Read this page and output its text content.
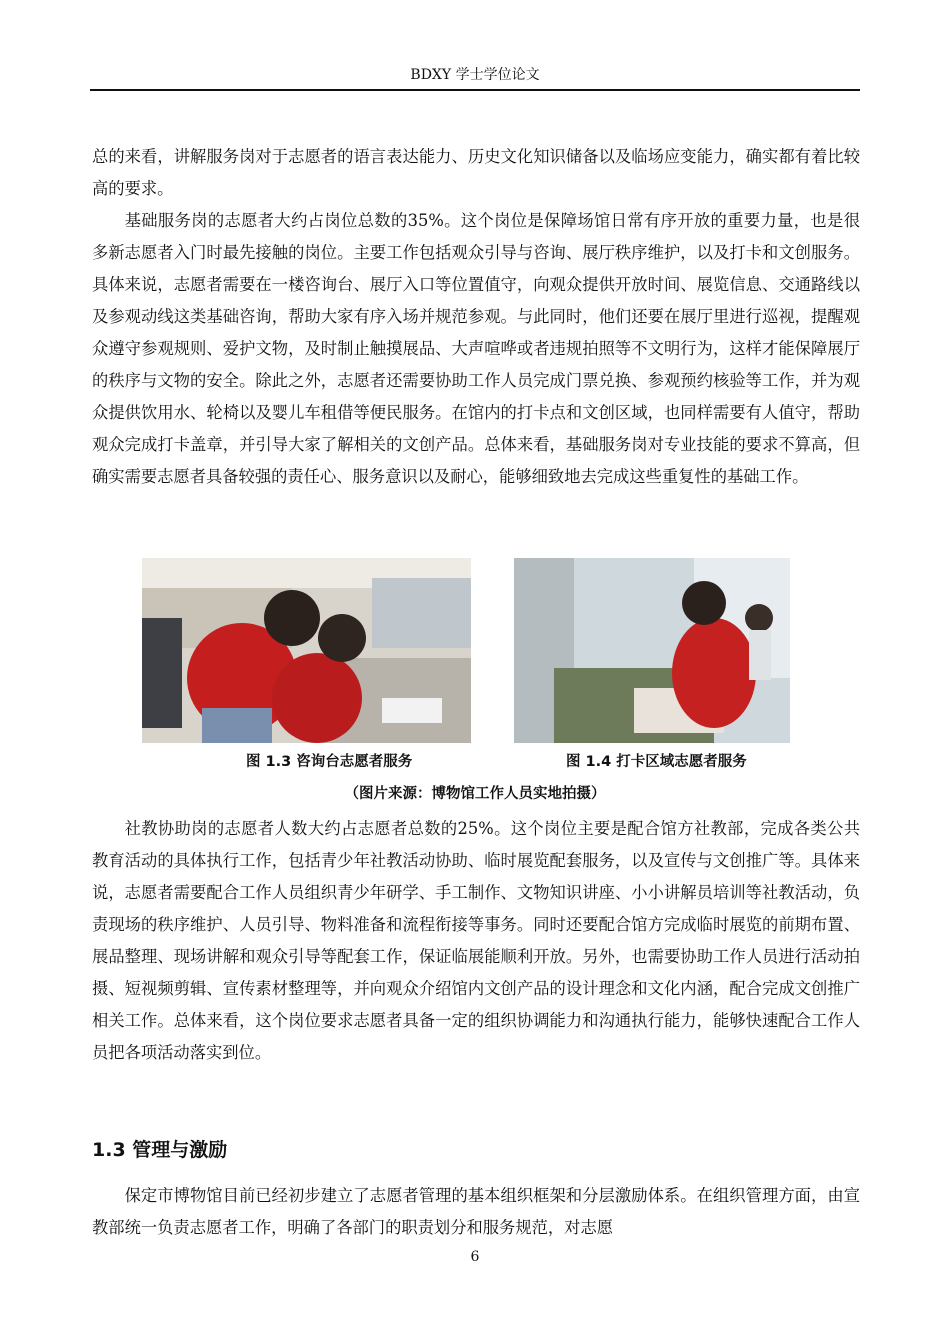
BDXY 学士学位论文

总的来看，讲解服务岗对于志愿者的语言表达能力、历史文化知识储备以及临场应变能力，确实都有着比较高的要求。

基础服务岗的志愿者大约占岗位总数的35%。这个岗位是保障场馆日常有序开放的重要力量，也是很多新志愿者入门时最先接触的岗位。主要工作包括观众引导与咨询、展厅秩序维护，以及打卡和文创服务。具体来说，志愿者需要在一楼咨询台、展厅入口等位置值守，向观众提供开放时间、展览信息、交通路线以及参观动线这类基础咨询，帮助大家有序入场并规范参观。与此同时，他们还要在展厅里进行巡视，提醒观众遵守参观规则、爱护文物，及时制止触摸展品、大声喧哗或者违规拍照等不文明行为，这样才能保障展厅的秩序与文物的安全。除此之外，志愿者还需要协助工作人员完成门票兑换、参观预约核验等工作，并为观众提供饮用水、轮椅以及婴儿车租借等便民服务。在馆内的打卡点和文创区域，也同样需要有人值守，帮助观众完成打卡盖章，并引导大家了解相关的文创产品。总体来看，基础服务岗对专业技能的要求不算高，但确实需要志愿者具备较强的责任心、服务意识以及耐心，能够细致地去完成这些重复性的基础工作。

图 1.3 咨询台志愿者服务	图 1.4 打卡区域志愿者服务
（图片来源：博物馆工作人员实地拍摄）

社教协助岗的志愿者人数大约占志愿者总数的25%。这个岗位主要是配合馆方社教部，完成各类公共教育活动的具体执行工作，包括青少年社教活动协助、临时展览配套服务，以及宣传与文创推广等。具体来说，志愿者需要配合工作人员组织青少年研学、手工制作、文物知识讲座、小小讲解员培训等社教活动，负责现场的秩序维护、人员引导、物料准备和流程衔接等事务。同时还要配合馆方完成临时展览的前期布置、展品整理、现场讲解和观众引导等配套工作，保证临展能顺利开放。另外，也需要协助工作人员进行活动拍摄、短视频剪辑、宣传素材整理等，并向观众介绍馆内文创产品的设计理念和文化内涵，配合完成文创推广相关工作。总体来看，这个岗位要求志愿者具备一定的组织协调能力和沟通执行能力，能够快速配合工作人员把各项活动落实到位。

1.3 管理与激励

保定市博物馆目前已经初步建立了志愿者管理的基本组织框架和分层激励体系。在组织管理方面，由宣教部统一负责志愿者工作，明确了各部门的职责划分和服务规范，对志愿

6
